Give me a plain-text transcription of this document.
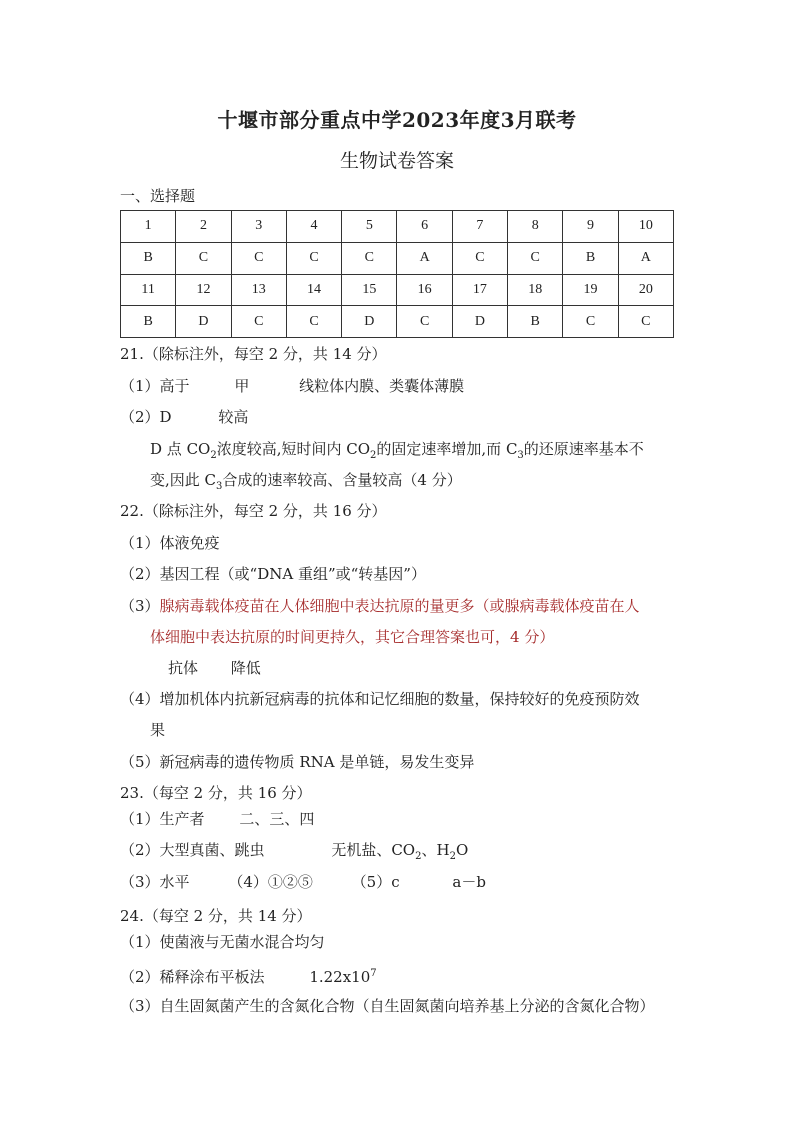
十堰市部分重点中学2023年度3月联考
生物试卷答案
一、选择题
1	2	3	4	5	6	7	8	9	10
B	C	C	C	C	A	C	C	B	A
11	12	13	14	15	16	17	18	19	20
B	D	C	C	D	C	D	B	C	C
21.（除标注外，每空 2 分，共 14 分）
（1）高于	甲	线粒体内膜、类囊体薄膜
（2）D	较高
D 点 $CO_2$浓度较高,短时间内 $CO_2$的固定速率增加,而 $C_3$的还原速率基本不
变,因此 $C_3$合成的速率较高、含量较高（4 分）
22.（除标注外，每空 2 分，共 16 分）
（1）体液免疫
（2）基因工程（或“DNA 重组”或“转基因”）
（3）腺病毒载体疫苗在人体细胞中表达抗原的量更多（或腺病毒载体疫苗在人
体细胞中表达抗原的时间更持久，其它合理答案也可，4 分）
抗体 降低
（4）增加机体内抗新冠病毒的抗体和记忆细胞的数量，保持较好的免疫预防效
果
（5）新冠病毒的遗传物质 RNA 是单链，易发生变异
23.（每空 2 分，共 16 分）
（1）生产者 二、三、四
（2）大型真菌、跳虫	无机盐、$CO_2$、$H_2O$
（3）水平	（4）①②⑤	（5）c	a－b
24.（每空 2 分，共 14 分）
（1）使菌液与无菌水混合均匀
（2）稀释涂布平板法	$1.22x10^7$
（3）自生固氮菌产生的含氮化合物（自生固氮菌向培养基上分泌的含氮化合物）
